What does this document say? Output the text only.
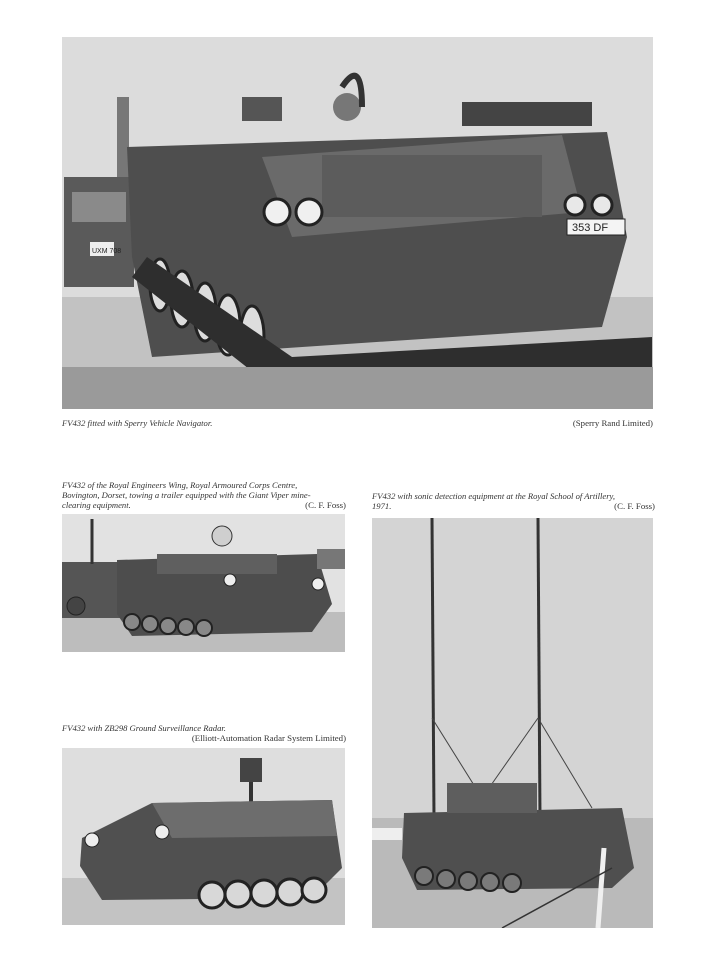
UXM 708
353 DF
FV432 fitted with Sperry Vehicle Navigator.	(Sperry Rand Limited)
FV432 of the Royal Engineers Wing, Royal Armoured Corps Centre,
Bovington, Dorset, towing a trailer equipped with the Giant Viper mine-
clearing equipment.	(C. F. Foss)
FV432 with sonic detection equipment at the Royal School of Artillery,
1971.	(C. F. Foss)
FV432 with ZB298 Ground Surveillance Radar.
(Elliott-Automation Radar System Limited)
